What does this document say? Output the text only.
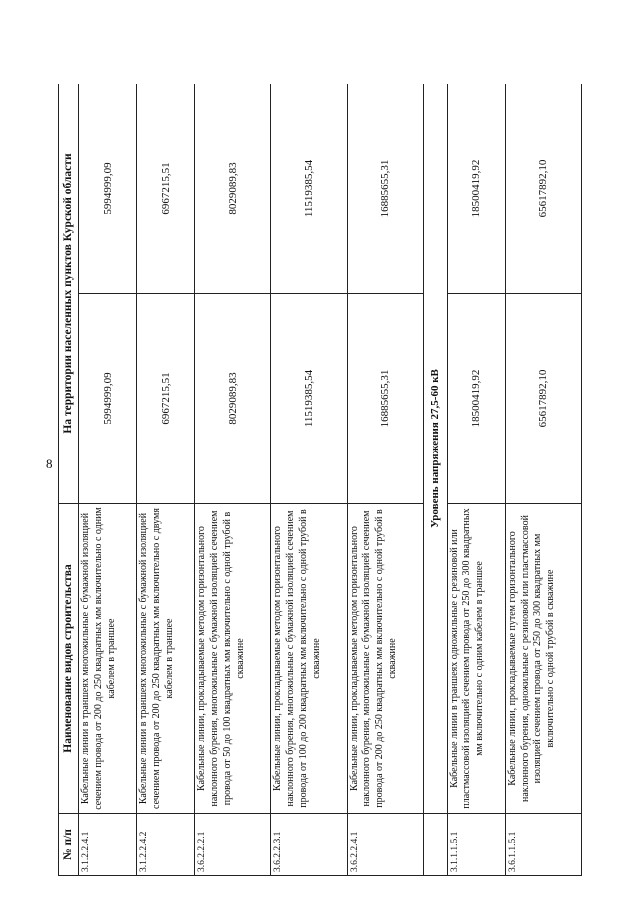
8
№ п/п	Наименование видов строительства	На территории населенных пунктов Курской области	
3.1.2.2.4.1	Кабельные линии в траншеях многожильные с бумажной изоляцией сечением провода от 200 до 250 квадратных мм включительно с одним кабелем в траншее	5994999,09	5994999,09
3.1.2.2.4.2	Кабельные линии в траншеях многожильные с бумажной изоляцией сечением провода от 200 до 250 квадратных мм включительно с двумя кабелем в траншее	6967215,51	6967215,51
3.6.2.2.2.1	Кабельные линии, прокладываемые методом горизонтального наклонного бурения, многожильные с бумажной изоляцией сечением провода от 50 до 100 квадратных мм включительно с одной трубой в скважине	8029089,83	8029089,83
3.6.2.2.3.1	Кабельные линии, прокладываемые методом горизонтального наклонного бурения, многожильные с бумажной изоляцией сечением провода от 100 до 200 квадратных мм включительно с одной трубой в скважине	11519385,54	11519385,54
3.6.2.2.4.1	Кабельные линии, прокладываемые методом горизонтального наклонного бурения, многожильные с бумажной изоляцией сечением провода от 200 до 250 квадратных мм включительно с одной трубой в скважине	16885655,31	16885655,31
	Уровень напряжения 27,5-60 кВ		
3.1.1.1.5.1	Кабельные линии в траншеях одножильные с резиновой или пластмассовой изоляцией сечением провода от 250 до 300 квадратных мм включительно с одним кабелем в траншее	18500419,92	18500419,92
3.6.1.1.5.1	Кабельные линии, прокладываемые путем горизонтального наклонного бурения, одножильные с резиновой или пластмассовой изоляцией сечением провода от 250 до 300 квадратных мм включительно с одной трубой в скважине	65617892,10	65617892,10
